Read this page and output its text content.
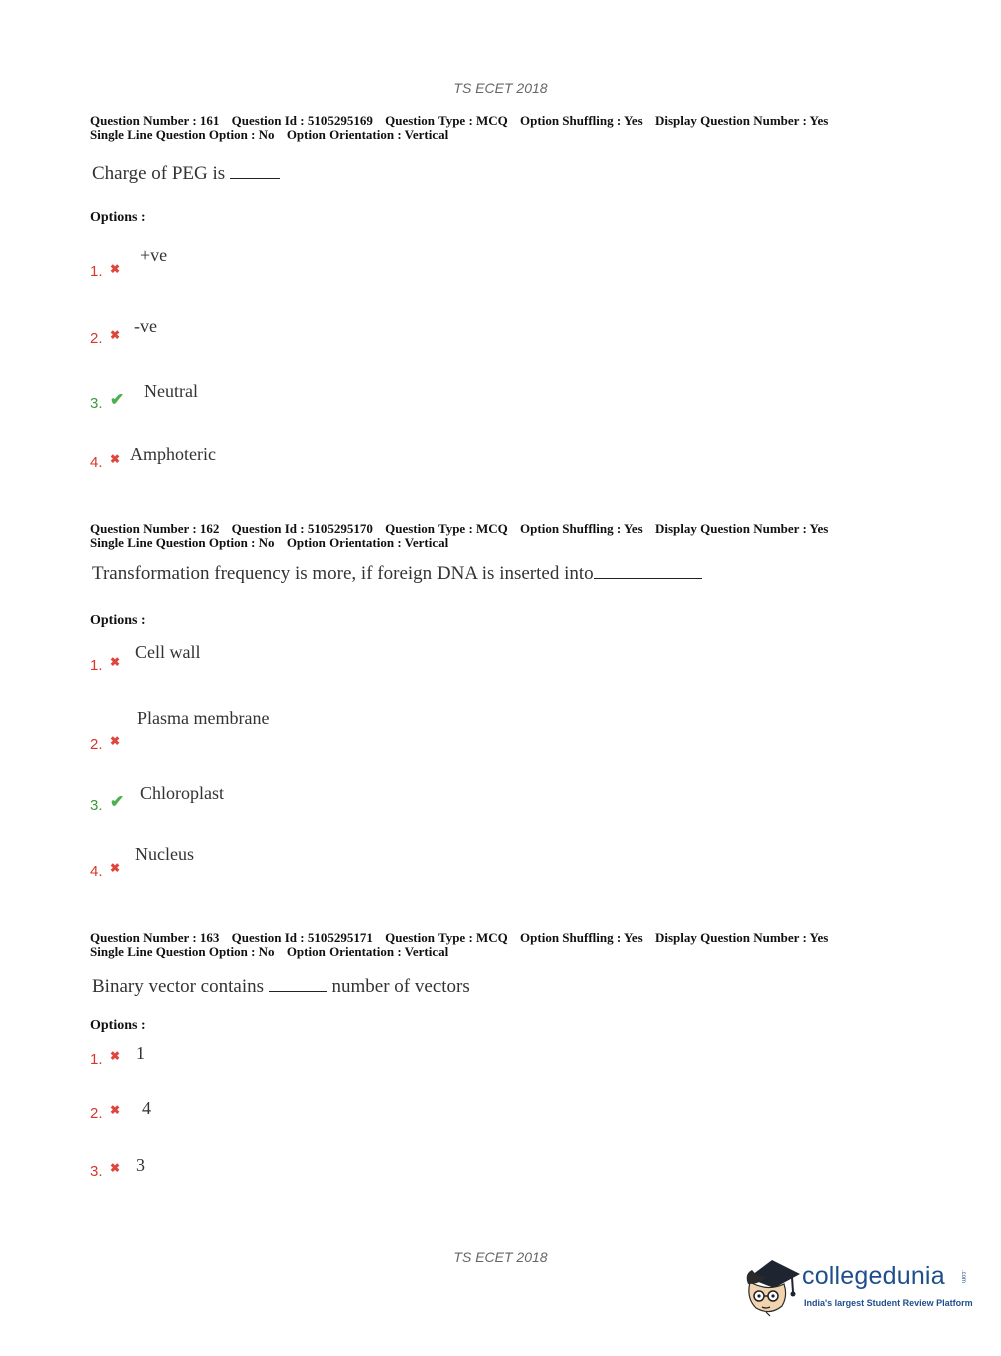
TS ECET 2018
Question Number : 161 Question Id : 5105295169 Question Type : MCQ Option Shuffling : Yes Display Question Number : Yes
Single Line Question Option : No Option Orientation : Vertical
Charge of PEG is
Options :
1. ✖
+ve
2. ✖ -ve
3. ✔ Neutral
4. ✖ Amphoteric
Question Number : 162 Question Id : 5105295170 Question Type : MCQ Option Shuffling : Yes Display Question Number : Yes
Single Line Question Option : No Option Orientation : Vertical
Transformation frequency is more, if foreign DNA is inserted into
Options :
1. ✖ Cell wall
2. ✖
Plasma membrane
3. ✔ Chloroplast
4. ✖
Nucleus
Question Number : 163 Question Id : 5105295171 Question Type : MCQ Option Shuffling : Yes Display Question Number : Yes
Single Line Question Option : No Option Orientation : Vertical
Binary vector contains	number of vectors
Options :
1. ✖ 1
2. ✖ 4
3. ✖ 3
TS ECET 2018
collegedunia	.com
India's largest Student Review Platform
